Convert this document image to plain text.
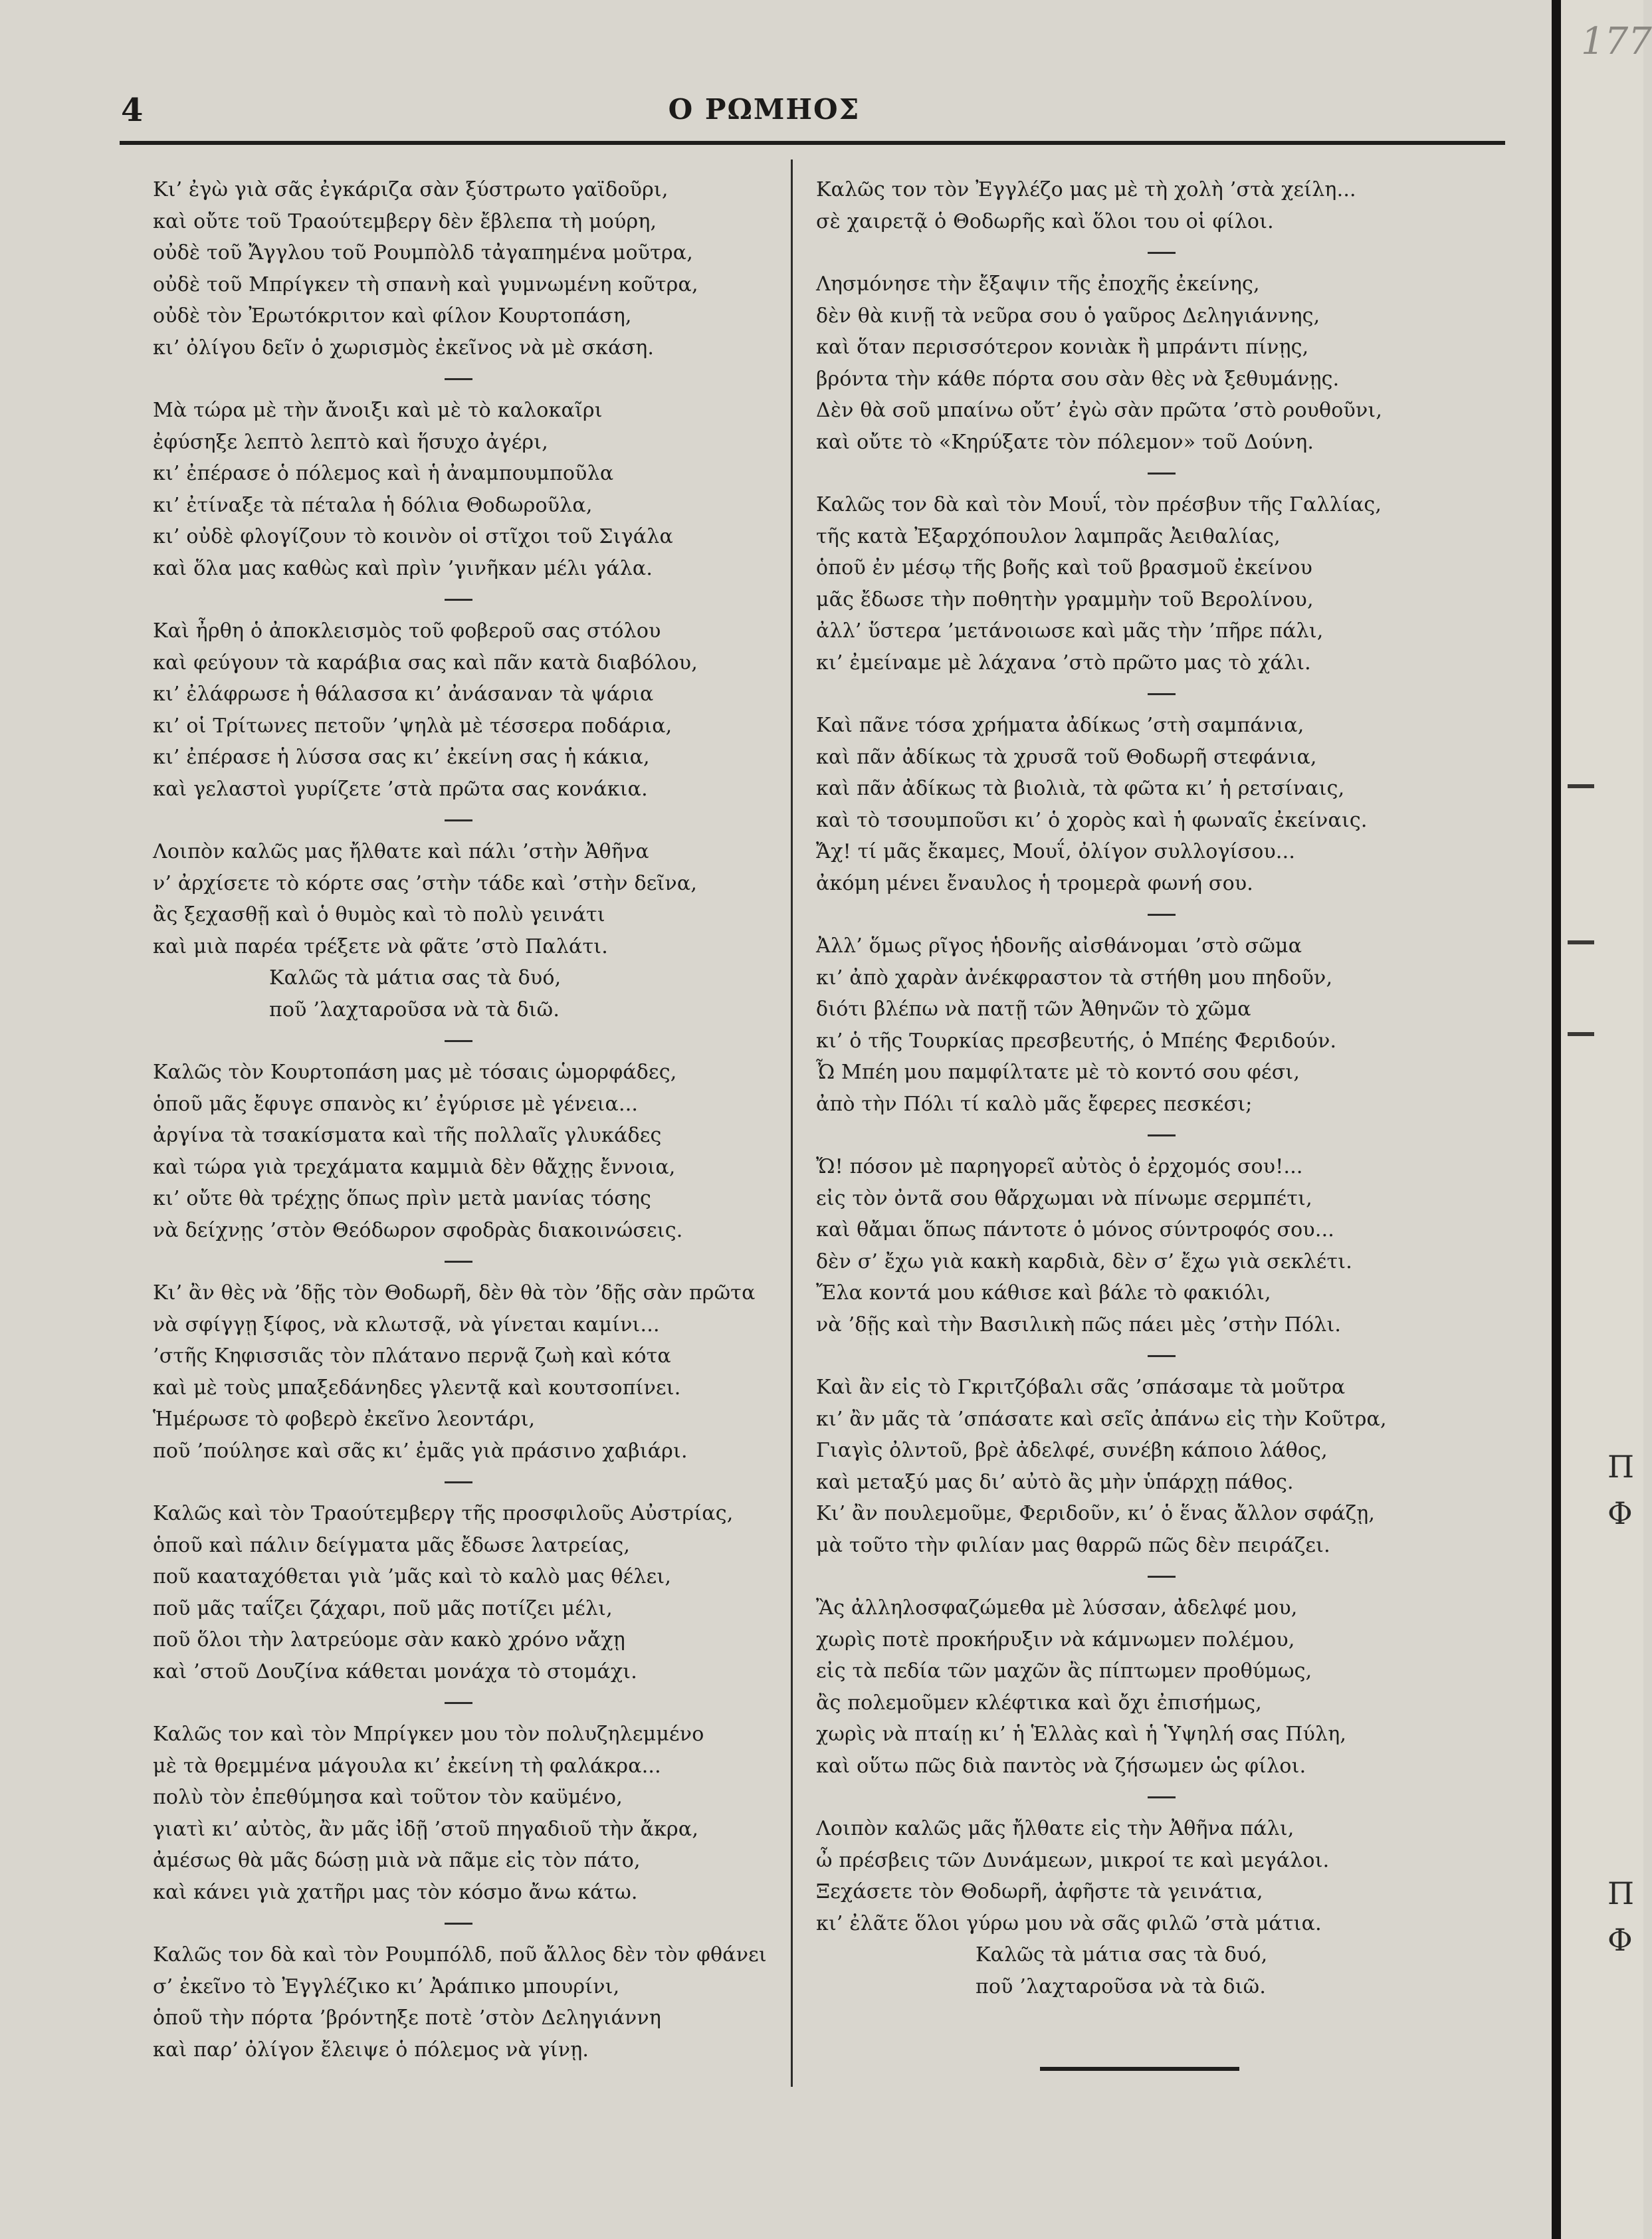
4	Ο ΡΩΜΗΟΣ
Κι’ ἐγὼ γιὰ σᾶς ἐγκάριζα σὰν ξύστρωτο γαϊδοῦρι,
καὶ οὔτε τοῦ Τραούτεμβεργ δὲν ἔβλεπα τὴ μούρη,
οὐδὲ τοῦ Ἄγγλου τοῦ Ρουμπὸλδ τἀγαπημένα μοῦτρα,
οὐδὲ τοῦ Μπρίγκεν τὴ σπανὴ καὶ γυμνωμένη κοῦτρα,
οὐδὲ τὸν Ἐρωτόκριτον καὶ φίλον Κουρτοπάση,
κι’ ὀλίγου δεῖν ὁ χωρισμὸς ἐκεῖνος νὰ μὲ σκάση.
Μὰ τώρα μὲ τὴν ἄνοιξι καὶ μὲ τὸ καλοκαῖρι
ἐφύσηξε λεπτὸ λεπτὸ καὶ ἥσυχο ἀγέρι,
κι’ ἐπέρασε ὁ πόλεμος καὶ ἡ ἀναμπουμποῦλα
κι’ ἐτίναξε τὰ πέταλα ἡ δόλια Θοδωροῦλα,
κι’ οὐδὲ φλογίζουν τὸ κοινὸν οἱ στῖχοι τοῦ Σιγάλα
καὶ ὅλα μας καθὼς καὶ πρὶν ’γινῆκαν μέλι γάλα.
Καὶ ἦρθη ὁ ἀποκλεισμὸς τοῦ φοβεροῦ σας στόλου
καὶ φεύγουν τὰ καράβια σας καὶ πᾶν κατὰ διαβόλου,
κι’ ἐλάφρωσε ἡ θάλασσα κι’ ἀνάσαναν τὰ ψάρια
κι’ οἱ Τρίτωνες πετοῦν ’ψηλὰ μὲ τέσσερα ποδάρια,
κι’ ἐπέρασε ἡ λύσσα σας κι’ ἐκείνη σας ἡ κάκια,
καὶ γελαστοὶ γυρίζετε ’στὰ πρῶτα σας κονάκια.
Λοιπὸν καλῶς μας ἤλθατε καὶ πάλι ’στὴν Ἀθῆνα
ν’ ἀρχίσετε τὸ κόρτε σας ’στὴν τάδε καὶ ’στὴν δεῖνα,
ἂς ξεχασθῇ καὶ ὁ θυμὸς καὶ τὸ πολὺ γεινάτι
καὶ μιὰ παρέα τρέξετε νὰ φᾶτε ’στὸ Παλάτι.
Καλῶς τὰ μάτια σας τὰ δυό,
ποῦ ’λαχταροῦσα νὰ τὰ διῶ.
Καλῶς τὸν Κουρτοπάση μας μὲ τόσαις ὡμορφάδες,
ὁποῦ μᾶς ἔφυγε σπανὸς κι’ ἐγύρισε μὲ γένεια...
ἀργίνα τὰ τσακίσματα καὶ τῆς πολλαῖς γλυκάδες
καὶ τώρα γιὰ τρεχάματα καμμιὰ δὲν θἄχῃς ἔννοια,
κι’ οὔτε θὰ τρέχῃς ὅπως πρὶν μετὰ μανίας τόσης
νὰ δείχνῃς ’στὸν Θεόδωρον σφοδρὰς διακοινώσεις.
Κι’ ἂν θὲς νὰ ’δῇς τὸν Θοδωρῆ, δὲν θὰ τὸν ’δῇς σὰν πρῶτα
νὰ σφίγγῃ ξίφος, νὰ κλωτσᾷ, νὰ γίνεται καμίνι...
’στῆς Κηφισσιᾶς τὸν πλάτανο περνᾷ ζωὴ καὶ κότα
καὶ μὲ τοὺς μπαξεδάνηδες γλεντᾷ καὶ κουτσοπίνει.
Ἡμέρωσε τὸ φοβερὸ ἐκεῖνο λεοντάρι,
ποῦ ’πούλησε καὶ σᾶς κι’ ἐμᾶς γιὰ πράσινο χαβιάρι.
Καλῶς καὶ τὸν Τραούτεμβεργ τῆς προσφιλοῦς Αὐστρίας,
ὁποῦ καὶ πάλιν δείγματα μᾶς ἔδωσε λατρείας,
ποῦ κααταχόθεται γιὰ ’μᾶς καὶ τὸ καλὸ μας θέλει,
ποῦ μᾶς ταΐζει ζάχαρι, ποῦ μᾶς ποτίζει μέλι,
ποῦ ὅλοι τὴν λατρεύομε σὰν κακὸ χρόνο νἄχῃ
καὶ ’στοῦ Δουζίνα κάθεται μονάχα τὸ στομάχι.
Καλῶς τον καὶ τὸν Μπρίγκεν μου τὸν πολυζηλεμμένο
μὲ τὰ θρεμμένα μάγουλα κι’ ἐκείνη τὴ φαλάκρα...
πολὺ τὸν ἐπεθύμησα καὶ τοῦτον τὸν καϋμένο,
γιατὶ κι’ αὐτὸς, ἂν μᾶς ἰδῇ ’στοῦ πηγαδιοῦ τὴν ἄκρα,
ἀμέσως θὰ μᾶς δώσῃ μιὰ νὰ πᾶμε εἰς τὸν πάτο,
καὶ κάνει γιὰ χατῆρι μας τὸν κόσμο ἄνω κάτω.
Καλῶς τον δὰ καὶ τὸν Ρουμπόλδ, ποῦ ἄλλος δὲν τὸν φθάνει
σ’ ἐκεῖνο τὸ Ἐγγλέζικο κι’ Ἀράπικο μπουρίνι,
ὁποῦ τὴν πόρτα ’βρόντηξε ποτὲ ’στὸν Δεληγιάννη
καὶ παρ’ ὀλίγον ἔλειψε ὁ πόλεμος νὰ γίνῃ.
Καλῶς τον τὸν Ἐγγλέζο μας μὲ τὴ χολὴ ’στὰ χείλη...
σὲ χαιρετᾷ ὁ Θοδωρῆς καὶ ὅλοι του οἱ φίλοι.
Λησμόνησε τὴν ἔξαψιν τῆς ἐποχῆς ἐκείνης,
δὲν θὰ κινῇ τὰ νεῦρα σου ὁ γαῦρος Δεληγιάννης,
καὶ ὅταν περισσότερον κονιὰκ ἢ μπράντι πίνῃς,
βρόντα τὴν κάθε πόρτα σου σὰν θὲς νὰ ξεθυμάνῃς.
Δὲν θὰ σοῦ μπαίνω οὔτ’ ἐγὼ σὰν πρῶτα ’στὸ ρουθοῦνι,
καὶ οὔτε τὸ «Κηρύξατε τὸν πόλεμον» τοῦ Δούνη.
Καλῶς τον δὰ καὶ τὸν Μουΐ, τὸν πρέσβυν τῆς Γαλλίας,
τῆς κατὰ Ἐξαρχόπουλον λαμπρᾶς Ἀειθαλίας,
ὁποῦ ἐν μέσῳ τῆς βοῆς καὶ τοῦ βρασμοῦ ἐκείνου
μᾶς ἔδωσε τὴν ποθητὴν γραμμὴν τοῦ Βερολίνου,
ἀλλ’ ὕστερα ’μετάνοιωσε καὶ μᾶς τὴν ’πῆρε πάλι,
κι’ ἐμείναμε μὲ λάχανα ’στὸ πρῶτο μας τὸ χάλι.
Καὶ πᾶνε τόσα χρήματα ἀδίκως ’στὴ σαμπάνια,
καὶ πᾶν ἀδίκως τὰ χρυσᾶ τοῦ Θοδωρῆ στεφάνια,
καὶ πᾶν ἀδίκως τὰ βιολιὰ, τὰ φῶτα κι’ ἡ ρετσίναις,
καὶ τὸ τσουμποῦσι κι’ ὁ χορὸς καὶ ἡ φωναῖς ἐκείναις.
Ἄχ! τί μᾶς ἔκαμες, Μουΐ, ὀλίγον συλλογίσου...
ἀκόμη μένει ἔναυλος ἡ τρομερὰ φωνή σου.
Ἀλλ’ ὅμως ρῖγος ἡδονῆς αἰσθάνομαι ’στὸ σῶμα
κι’ ἀπὸ χαρὰν ἀνέκφραστον τὰ στήθη μου πηδοῦν,
διότι βλέπω νὰ πατῇ τῶν Ἀθηνῶν τὸ χῶμα
κι’ ὁ τῆς Τουρκίας πρεσβευτής, ὁ Μπέης Φεριδούν.
Ὦ Μπέη μου παμφίλτατε μὲ τὸ κοντό σου φέσι,
ἀπὸ τὴν Πόλι τί καλὸ μᾶς ἔφερες πεσκέσι;
Ὤ! πόσον μὲ παρηγορεῖ αὐτὸς ὁ ἐρχομός σου!...
εἰς τὸν ὀντᾶ σου θἄρχωμαι νὰ πίνωμε σερμπέτι,
καὶ θἄμαι ὅπως πάντοτε ὁ μόνος σύντροφός σου...
δὲν σ’ ἔχω γιὰ κακὴ καρδιὰ, δὲν σ’ ἔχω γιὰ σεκλέτι.
Ἔλα κοντά μου κάθισε καὶ βάλε τὸ φακιόλι,
νὰ ’δῇς καὶ τὴν Βασιλικὴ πῶς πάει μὲς ’στὴν Πόλι.
Καὶ ἂν εἰς τὸ Γκριτζόβαλι σᾶς ’σπάσαμε τὰ μοῦτρα
κι’ ἂν μᾶς τὰ ’σπάσατε καὶ σεῖς ἀπάνω εἰς τὴν Κοῦτρα,
Γιαγὶς ὀλντοῦ, βρὲ ἀδελφέ, συνέβη κάποιο λάθος,
καὶ μεταξύ μας δι’ αὐτὸ ἂς μὴν ὑπάρχῃ πάθος.
Κι’ ἂν πουλεμοῦμε, Φεριδοῦν, κι’ ὁ ἕνας ἄλλον σφάζῃ,
μὰ τοῦτο τὴν φιλίαν μας θαρρῶ πῶς δὲν πειράζει.
Ἂς ἀλληλοσφαζώμεθα μὲ λύσσαν, ἀδελφέ μου,
χωρὶς ποτὲ προκήρυξιν νὰ κάμνωμεν πολέμου,
εἰς τὰ πεδία τῶν μαχῶν ἂς πίπτωμεν προθύμως,
ἂς πολεμοῦμεν κλέφτικα καὶ ὄχι ἐπισήμως,
χωρὶς νὰ πταίῃ κι’ ἡ Ἑλλὰς καὶ ἡ Ὑψηλή σας Πύλη,
καὶ οὕτω πῶς διὰ παντὸς νὰ ζήσωμεν ὡς φίλοι.
Λοιπὸν καλῶς μᾶς ἤλθατε εἰς τὴν Ἀθῆνα πάλι,
ὦ πρέσβεις τῶν Δυνάμεων, μικροί τε καὶ μεγάλοι.
Ξεχάσετε τὸν Θοδωρῆ, ἀφῆστε τὰ γεινάτια,
κι’ ἐλᾶτε ὅλοι γύρω μου νὰ σᾶς φιλῶ ’στὰ μάτια.
Καλῶς τὰ μάτια σας τὰ δυό,
ποῦ ’λαχταροῦσα νὰ τὰ διῶ.
177
Π
Φ
Π
Φ
